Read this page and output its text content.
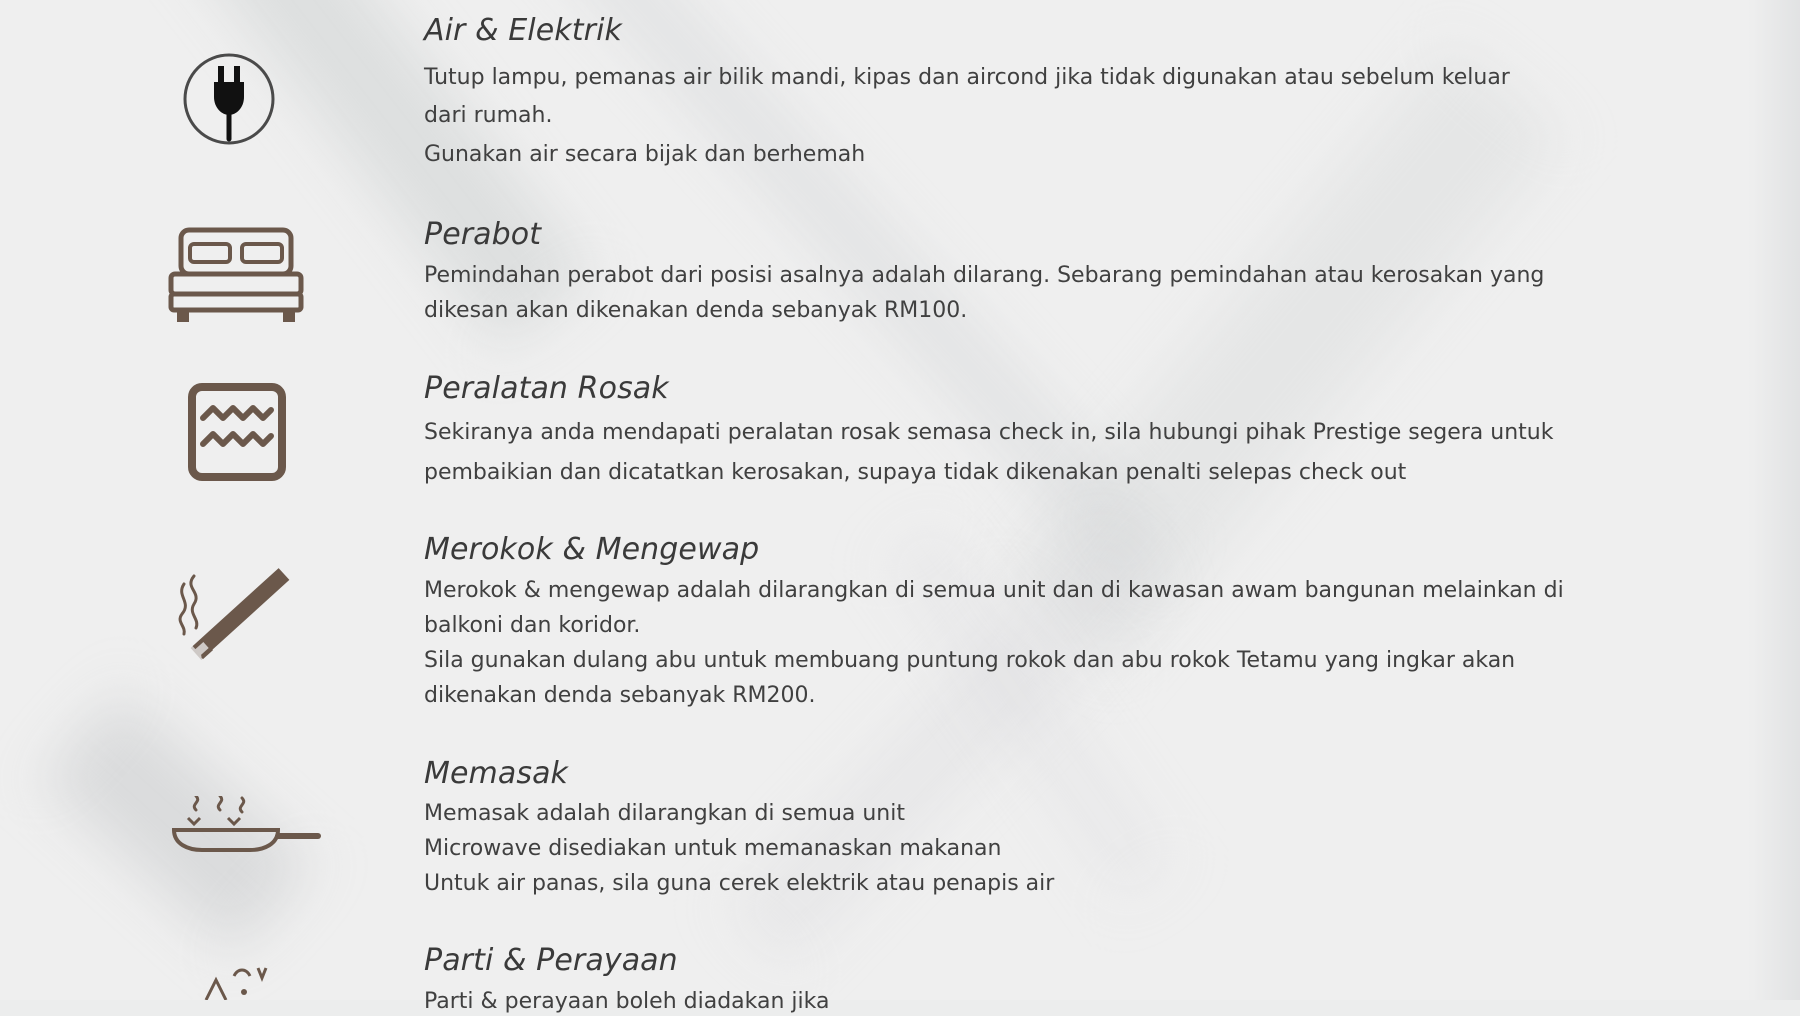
Air & Elektrik

Tutup lampu, pemanas air bilik mandi, kipas dan aircond jika tidak digunakan atau sebelum keluar

dari rumah.

Gunakan air secara bijak dan berhemah

Perabot

Pemindahan perabot dari posisi asalnya adalah dilarang. Sebarang pemindahan atau kerosakan yang

dikesan akan dikenakan denda sebanyak RM100.

Peralatan Rosak

Sekiranya anda mendapati peralatan rosak semasa check in, sila hubungi pihak Prestige segera untuk

pembaikian dan dicatatkan kerosakan, supaya tidak dikenakan penalti selepas check out

Merokok & Mengewap

Merokok & mengewap adalah dilarangkan di semua unit dan di kawasan awam bangunan melainkan di

balkoni dan koridor.

Sila gunakan dulang abu untuk membuang puntung rokok dan abu rokok Tetamu yang ingkar akan

dikenakan denda sebanyak RM200.

Memasak

Memasak adalah dilarangkan di semua unit

Microwave disediakan untuk memanaskan makanan

Untuk air panas, sila guna cerek elektrik atau penapis air

Parti & Perayaan

Parti & perayaan boleh diadakan jika
